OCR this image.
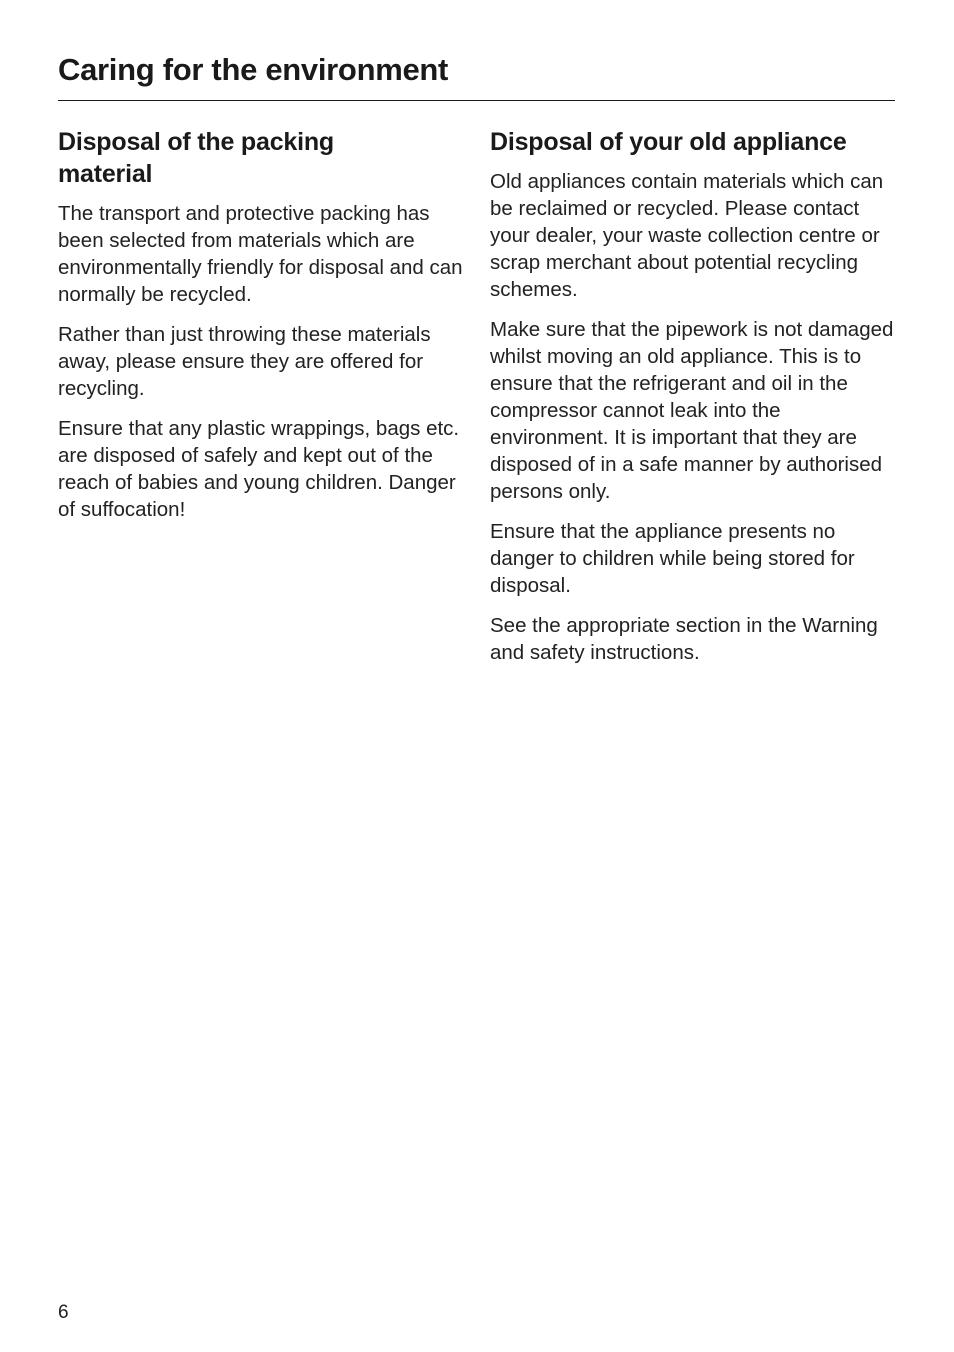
Caring for the environment
Disposal of the packing
material

The transport and protective packing has been selected from materials which are environmentally friendly for disposal and can normally be recycled.

Rather than just throwing these materials away, please ensure they are offered for recycling.

Ensure that any plastic wrappings, bags etc. are disposed of safely and kept out of the reach of babies and young children. Danger of suffocation!

Disposal of your old appliance

Old appliances contain materials which can be reclaimed or recycled. Please contact your dealer, your waste collection centre or scrap merchant about potential recycling schemes.

Make sure that the pipework is not damaged whilst moving an old appliance. This is to ensure that the refrigerant and oil in the compressor cannot leak into the environment. It is important that they are disposed of in a safe manner by authorised persons only.

Ensure that the appliance presents no danger to children while being stored for disposal.

See the appropriate section in the Warning and safety instructions.

6
